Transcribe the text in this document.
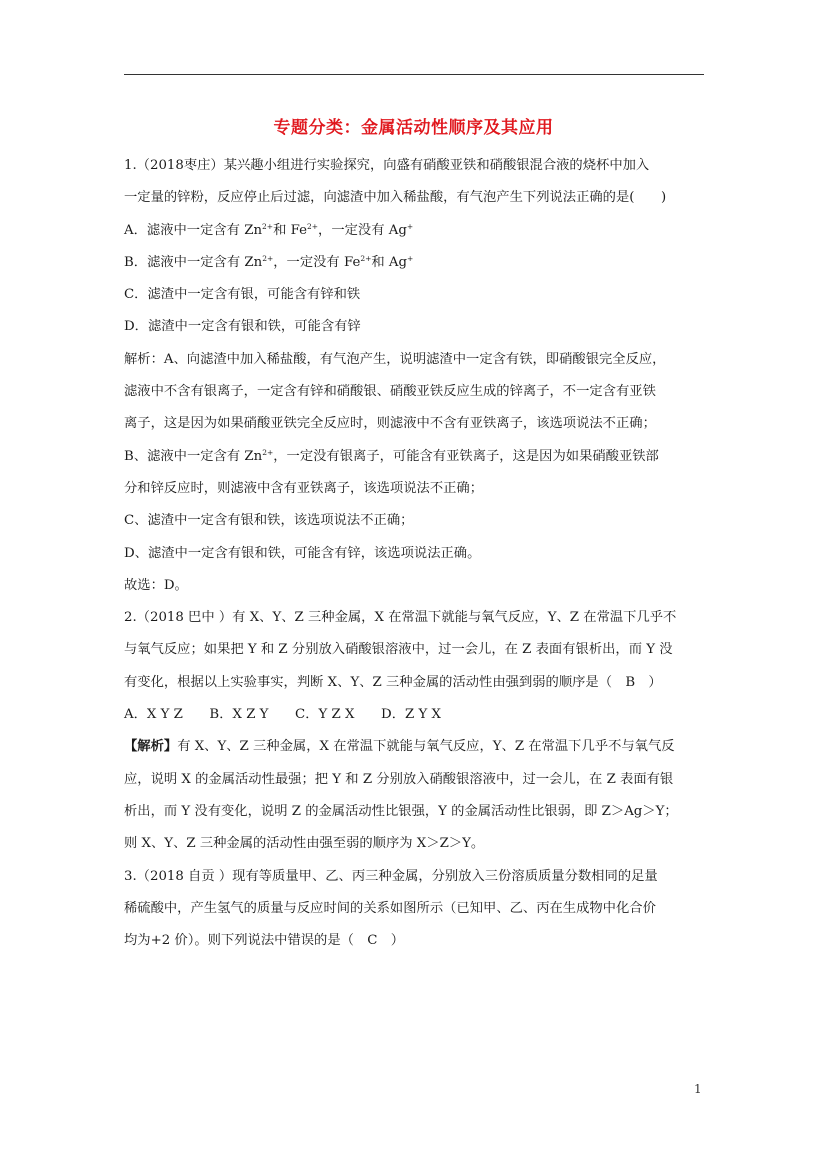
专题分类：金属活动性顺序及其应用
1.（2018枣庄）某兴趣小组进行实验探究，向盛有硝酸亚铁和硝酸银混合液的烧杯中加入
一定量的锌粉，反应停止后过滤，向滤渣中加入稀盐酸，有气泡产生下列说法正确的是(　　)
A．滤液中一定含有 $Zn^{2+}$和 $Fe^{2+}$，一定没有 Ag+
B．滤液中一定含有 $Zn^{2+}$，一定没有 $Fe^{2+}$和 Ag+
C．滤渣中一定含有银，可能含有锌和铁
D．滤渣中一定含有银和铁，可能含有锌
解析：A、向滤渣中加入稀盐酸，有气泡产生，说明滤渣中一定含有铁，即硝酸银完全反应，
滤液中不含有银离子，一定含有锌和硝酸银、硝酸亚铁反应生成的锌离子，不一定含有亚铁
离子，这是因为如果硝酸亚铁完全反应时，则滤液中不含有亚铁离子，该选项说法不正确；
B、滤液中一定含有 $Zn^{2+}$，一定没有银离子，可能含有亚铁离子，这是因为如果硝酸亚铁部
分和锌反应时，则滤液中含有亚铁离子，该选项说法不正确；
C、滤渣中一定含有银和铁，该选项说法不正确；
D、滤渣中一定含有银和铁，可能含有锌，该选项说法正确。
故选：D。
2.（2018 巴中 ）有 X、Y、Z 三种金属，X 在常温下就能与氧气反应，Y、Z 在常温下几乎不
与氧气反应；如果把 Y 和 Z 分别放入硝酸银溶液中，过一会儿，在 Z 表面有银析出，而 Y 没
有变化，根据以上实验事实，判断 X、Y、Z 三种金属的活动性由强到弱的顺序是（　B　）
A．X Y Z　　B．X Z Y　　C．Y Z X　　D．Z Y X
【解析】有 X、Y、Z 三种金属，X 在常温下就能与氧气反应，Y、Z 在常温下几乎不与氧气反
应，说明 X 的金属活动性最强；把 Y 和 Z 分别放入硝酸银溶液中，过一会儿，在 Z 表面有银
析出，而 Y 没有变化，说明 Z 的金属活动性比银强，Y 的金属活动性比银弱，即 Z＞Ag＞Y；
则 X、Y、Z 三种金属的活动性由强至弱的顺序为 X＞Z＞Y。
3.（2018 自贡 ）现有等质量甲、乙、丙三种金属，分别放入三份溶质质量分数相同的足量
稀硫酸中，产生氢气的质量与反应时间的关系如图所示（已知甲、乙、丙在生成物中化合价
均为+2 价）。则下列说法中错误的是（　C　）
1
